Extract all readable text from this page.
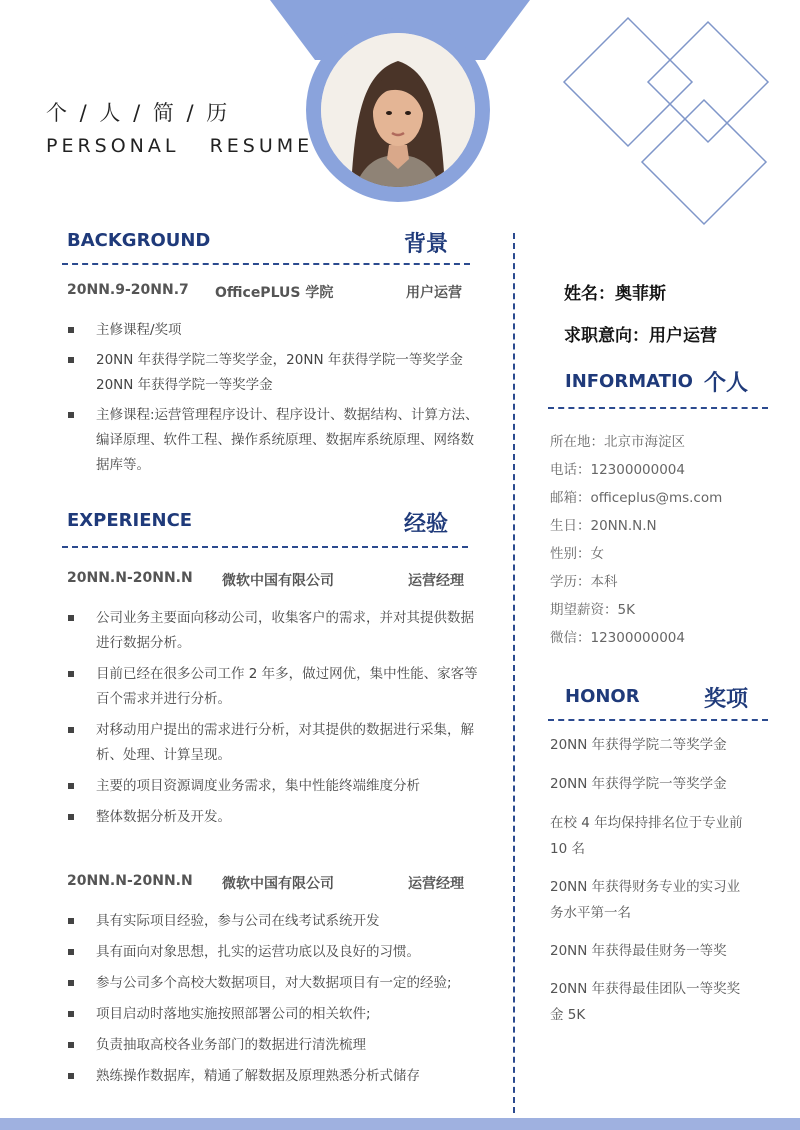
个 / 人 / 简 / 历
PERSONAL   RESUME
BACKGROUND	背景
20NN.9-20NN.7 OfficePLUS 学院	用户运营
主修课程/奖项
20NN 年获得学院二等奖学金，20NN 年获得学院一等奖学金 20NN 年获得学院一等奖学金
主修课程:运营管理程序设计、程序设计、数据结构、计算方法、编译原理、软件工程、操作系统原理、数据库系统原理、网络数据库等。
EXPERIENCE	经验
20NN.N-20NN.N 微软中国有限公司	运营经理
公司业务主要面向移动公司，收集客户的需求，并对其提供数据进行数据分析。
目前已经在很多公司工作 2 年多，做过网优，集中性能、家客等百个需求并进行分析。
对移动用户提出的需求进行分析，对其提供的数据进行采集，解析、处理、计算呈现。
主要的项目资源调度业务需求，集中性能终端维度分析
整体数据分析及开发。
20NN.N-20NN.N 微软中国有限公司	运营经理
具有实际项目经验，参与公司在线考试系统开发
具有面向对象思想，扎实的运营功底以及良好的习惯。
参与公司多个高校大数据项目，对大数据项目有一定的经验;
项目启动时落地实施按照部署公司的相关软件;
负责抽取高校各业务部门的数据进行清洗梳理
熟练操作数据库，精通了解数据及原理熟悉分析式储存
姓名：奥菲斯
求职意向：用户运营
INFORMATIO 个人
所在地：北京市海淀区
电话：12300000004
邮箱：officeplus@ms.com
生日：20NN.N.N
性别：女
学历：本科
期望薪资：5K
微信：12300000004
HONOR	奖项
20NN 年获得学院二等奖学金
20NN 年获得学院一等奖学金
在校 4 年均保持排名位于专业前 10 名
20NN 年获得财务专业的实习业务水平第一名
20NN 年获得最佳财务一等奖
20NN 年获得最佳团队一等奖奖金 5K
